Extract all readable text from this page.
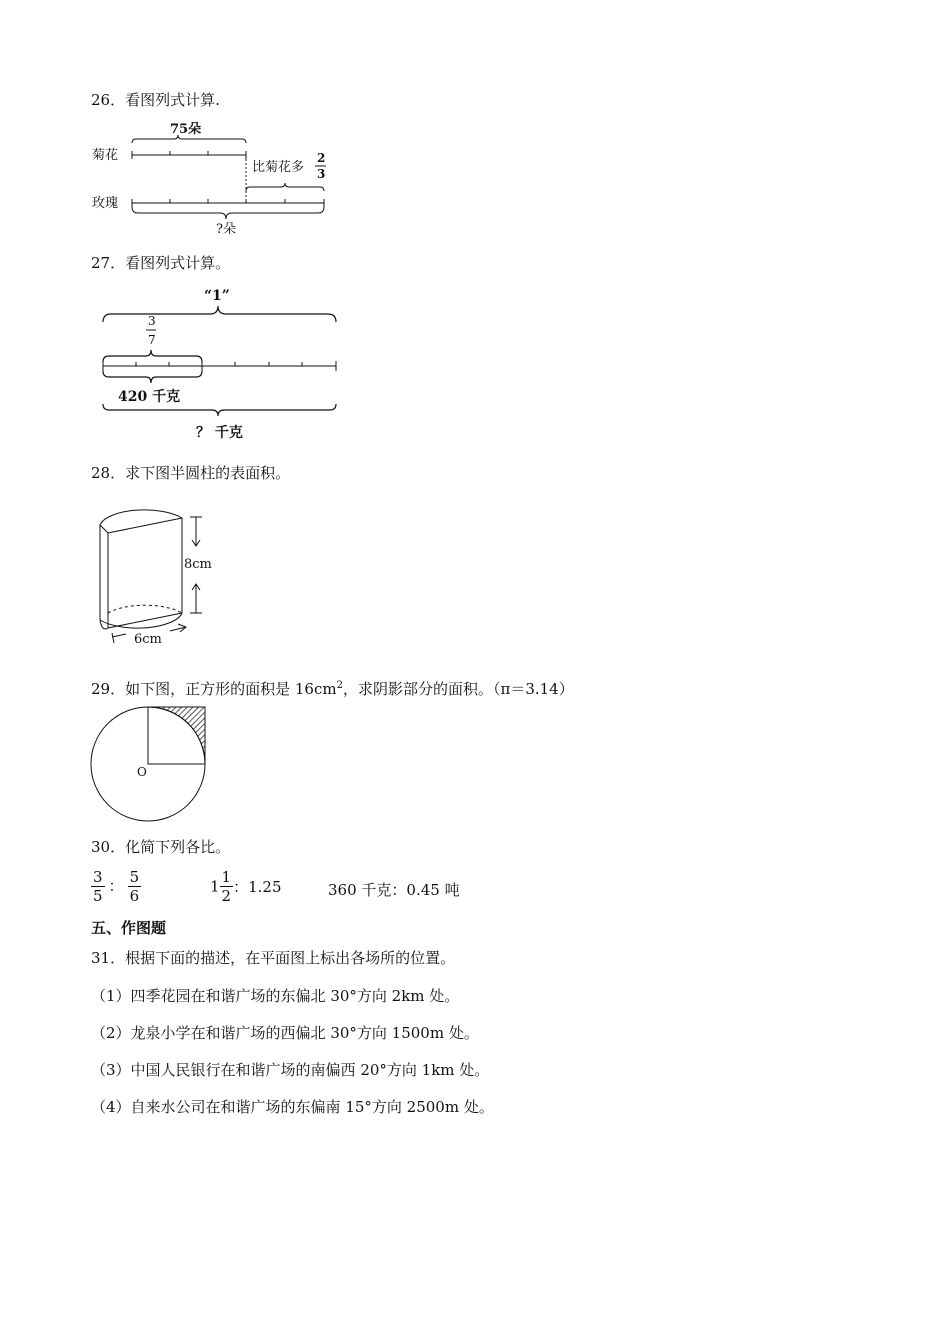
26．看图列式计算.
75朵
菊花
比菊花多
2
3
玫瑰
?朵
27．看图列式计算。
“1”
3
7
420 千克
？ 千克
28．求下图半圆柱的表面积。
8cm
6cm
29．如下图，正方形的面积是 $16cm^2$，求阴影部分的面积。（π＝3.14）
O
30．化简下列各比。
$\frac{3}{5}$ ： $\frac{5}{6}$	$1 \frac{1}{2}$ ：1.25	360 千克：0.45 吨
五、作图题
31．根据下面的描述，在平面图上标出各场所的位置。
（1）四季花园在和谐广场的东偏北 30°方向 2km 处。
（2）龙泉小学在和谐广场的西偏北 30°方向 1500m 处。
（3）中国人民银行在和谐广场的南偏西 20°方向 1km 处。
（4）自来水公司在和谐广场的东偏南 15°方向 2500m 处。
